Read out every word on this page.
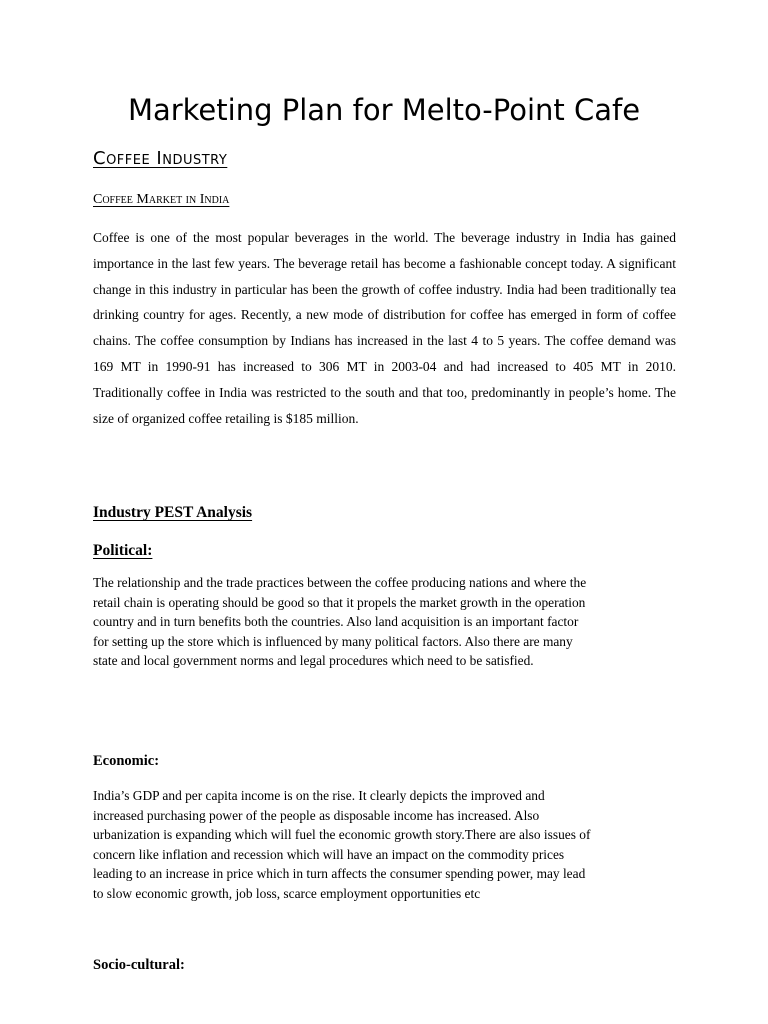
Marketing Plan for Melto-Point Cafe
Coffee Industry
Coffee Market in India

Coffee is one of the most popular beverages in the world. The beverage industry in India has gained importance in the last few years. The beverage retail has become a fashionable concept today. A significant change in this industry in particular has been the growth of coffee industry. India had been traditionally tea drinking country for ages. Recently, a new mode of distribution for coffee has emerged in form of coffee chains. The coffee consumption by Indians has increased in the last 4 to 5 years. The coffee demand was 169 MT in 1990-91 has increased to 306 MT in 2003-04 and had increased to 405 MT in 2010. Traditionally coffee in India was restricted to the south and that too, predominantly in people’s home. The size of organized coffee retailing is $185 million.

Industry PEST Analysis
Political:
The relationship and the trade practices between the coffee producing nations and where the
retail chain is operating should be good so that it propels the market growth in the operation
country and in turn benefits both the countries. Also land acquisition is an important factor
for setting up the store which is influenced by many political factors. Also there are many
state and local government norms and legal procedures which need to be satisfied.
Economic:
India’s GDP and per capita income is on the rise. It clearly depicts the improved and
increased purchasing power of the people as disposable income has increased. Also
urbanization is expanding which will fuel the economic growth story.There are also issues of
concern like inflation and recession which will have an impact on the commodity prices
leading to an increase in price which in turn affects the consumer spending power, may lead
to slow economic growth, job loss, scarce employment opportunities etc
Socio-cultural:
